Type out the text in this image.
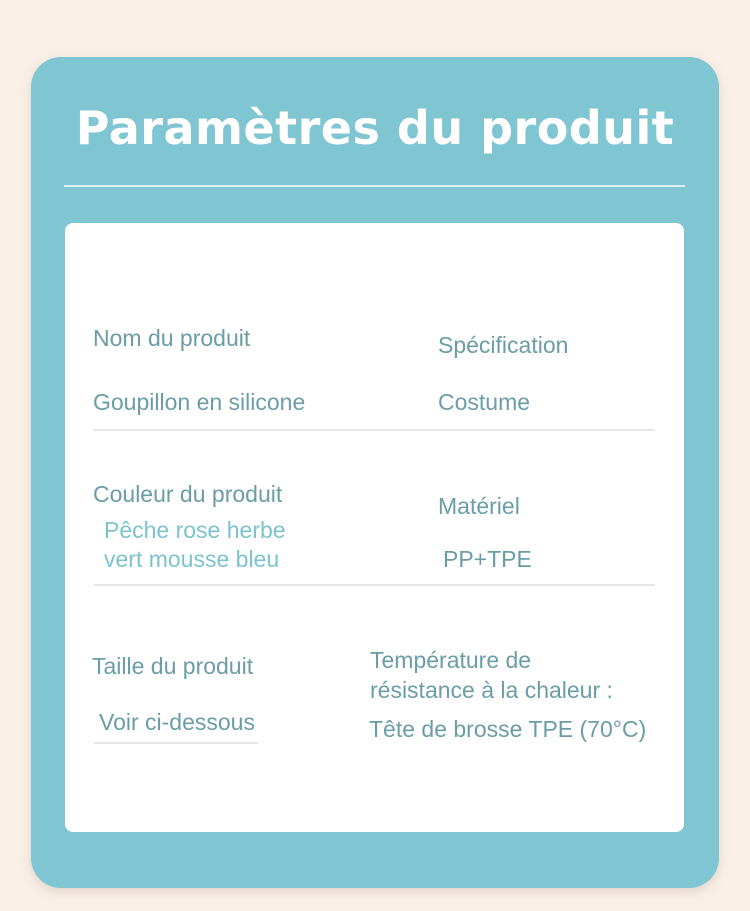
Paramètres du produit
Nom du produit	Spécification
Goupillon en silicone	Costume
Couleur du produit	Matériel
Pêche rose herbe
vert mousse bleu	PP+TPE
Taille du produit	Température de
résistance à la chaleur :
Voir ci-dessous	Tête de brosse TPE (70°C)
